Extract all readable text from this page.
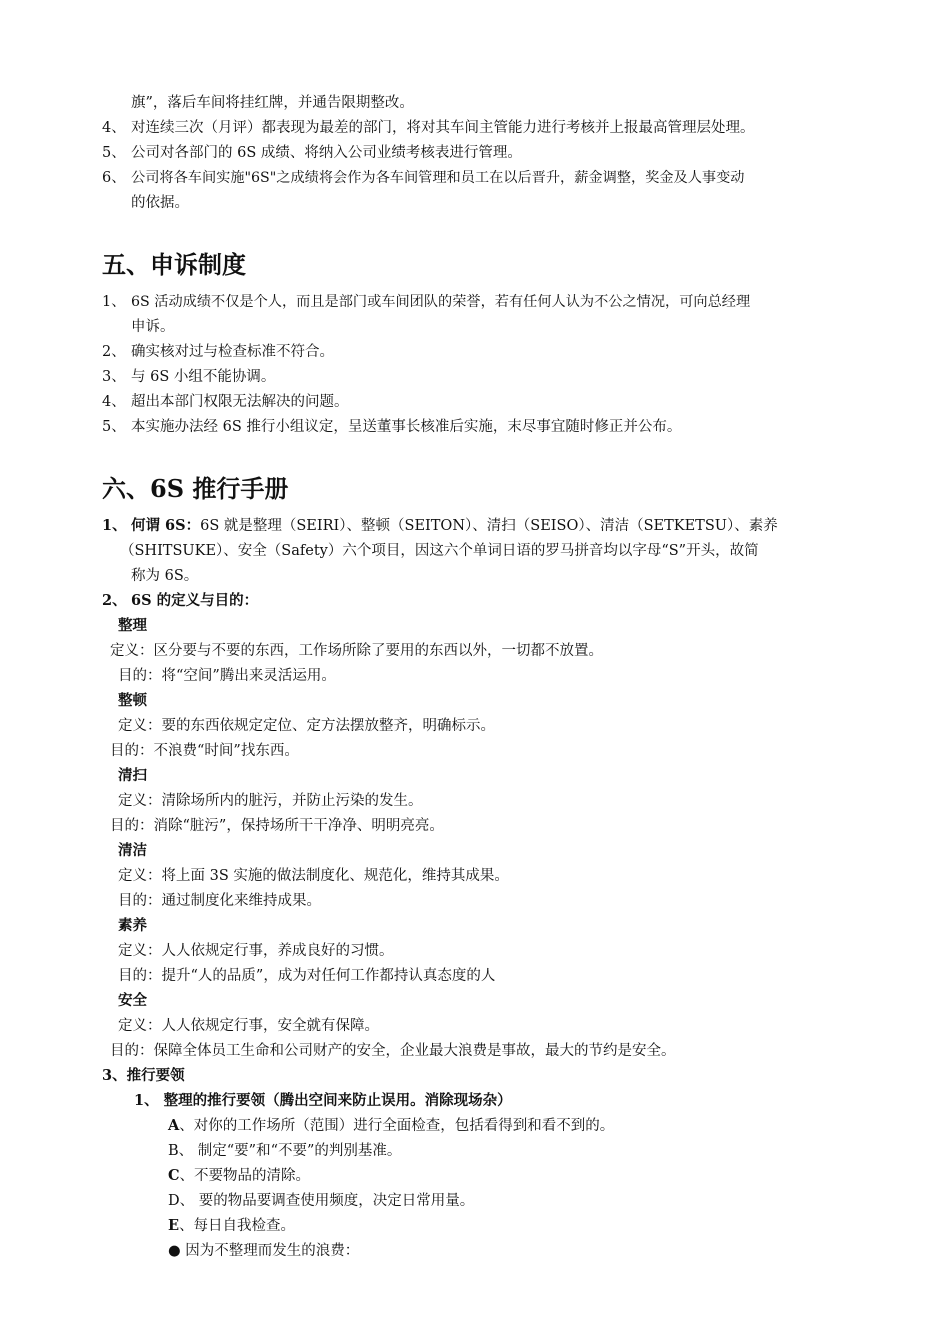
旗”，落后车间将挂红牌，并通告限期整改。
4、 对连续三次（月评）都表现为最差的部门，将对其车间主管能力进行考核并上报最高管理层处理。
5、 公司对各部门的 6S 成绩、将纳入公司业绩考核表进行管理。
6、 公司将各车间实施"6S"之成绩将会作为各车间管理和员工在以后晋升，薪金调整，奖金及人事变动
的依据。
五、申诉制度
1、 6S 活动成绩不仅是个人，而且是部门或车间团队的荣誉，若有任何人认为不公之情况，可向总经理
申诉。
2、 确实核对过与检查标准不符合。
3、 与 6S 小组不能协调。
4、 超出本部门权限无法解决的问题。
5、 本实施办法经 6S 推行小组议定，呈送董事长核准后实施，末尽事宜随时修正并公布。
六、6S 推行手册
1、 何谓 6S：6S 就是整理（SEIRI）、整顿（SEITON）、清扫（SEISO）、清洁（SETKETSU）、素养
（SHITSUKE）、安全（Safety）六个项目，因这六个单词日语的罗马拼音均以字母“S”开头，故简
称为 6S。
2、 6S 的定义与目的：
整理
定义：区分要与不要的东西，工作场所除了要用的东西以外，一切都不放置。
目的：将“空间”腾出来灵活运用。
整顿
定义：要的东西依规定定位、定方法摆放整齐，明确标示。
目的：不浪费“时间”找东西。
清扫
定义：清除场所内的脏污，并防止污染的发生。
目的：消除“脏污”，保持场所干干净净、明明亮亮。
清洁
定义：将上面 3S 实施的做法制度化、规范化，维持其成果。
目的：通过制度化来维持成果。
素养
定义：人人依规定行事，养成良好的习惯。
目的：提升“人的品质”，成为对任何工作都持认真态度的人
安全
定义：人人依规定行事，安全就有保障。
目的：保障全体员工生命和公司财产的安全，企业最大浪费是事故，最大的节约是安全。
3、推行要领
1、 整理的推行要领（腾出空间来防止误用。消除现场杂）
A、对你的工作场所（范围）进行全面检查，包括看得到和看不到的。
B、 制定“要”和“不要”的判别基准。
C、不要物品的清除。
D、 要的物品要调查使用频度，决定日常用量。
E、每日自我检查。
● 因为不整理而发生的浪费：
